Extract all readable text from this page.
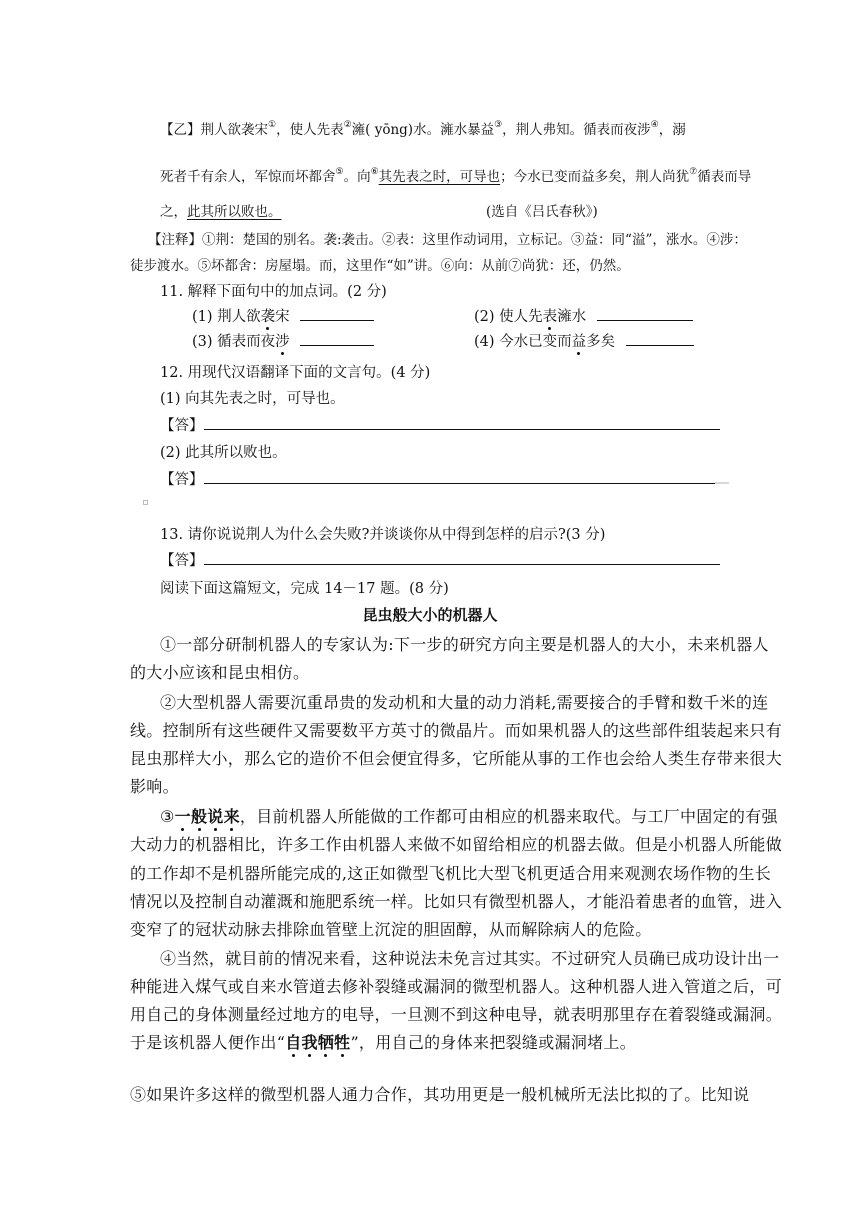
【乙】荆人欲袭宋①，使人先表②澭( yōng)水。澭水暴益③，荆人弗知。循表而夜涉④，溺
死者千有余人，军惊而坏都舍⑤。向⑥其先表之时，可导也；今水已变而益多矣，荆人尚犹⑦循表而导
之，此其所以败也。	(选自《吕氏春秋》)
【注释】①荆：楚国的别名。袭:袭击。②表：这里作动词用，立标记。③益：同“溢”，涨水。④涉：
徒步渡水。⑤坏都舍：房屋塌。而，这里作“如”讲。⑥向：从前⑦尚犹：还，仍然。
11. 解释下面句中的加点词。(2 分)
(1) 荆人欲袭宋	(2) 使人先表澭水
(3) 循表而夜涉	(4) 今水已变而益多矣
12. 用现代汉语翻译下面的文言句。(4 分)
(1) 向其先表之时，可导也。
【答】
(2) 此其所以败也。
【答】
13. 请你说说荆人为什么会失败?并谈谈你从中得到怎样的启示?(3 分)
【答】
阅读下面这篇短文，完成 14－17 题。(8 分)
昆虫般大小的机器人
①一部分研制机器人的专家认为:下一步的研究方向主要是机器人的大小，未来机器人
的大小应该和昆虫相仿。
②大型机器人需要沉重昂贵的发动机和大量的动力消耗,需要接合的手臂和数千米的连
线。控制所有这些硬件又需要数平方英寸的微晶片。而如果机器人的这些部件组装起来只有
昆虫那样大小，那么它的造价不但会便宜得多，它所能从事的工作也会给人类生存带来很大
影响。
③一般说来，目前机器人所能做的工作都可由相应的机器来取代。与工厂中固定的有强
大动力的机器相比，许多工作由机器人来做不如留给相应的机器去做。但是小机器人所能做
的工作却不是机器所能完成的,这正如微型飞机比大型飞机更适合用来观测农场作物的生长
情况以及控制自动灌溉和施肥系统一样。比如只有微型机器人，才能沿着患者的血管，进入
变窄了的冠状动脉去排除血管壁上沉淀的胆固醇，从而解除病人的危险。
④当然，就目前的情况来看，这种说法未免言过其实。不过研究人员确已成功设计出一
种能进入煤气或自来水管道去修补裂缝或漏洞的微型机器人。这种机器人进入管道之后，可
用自己的身体测量经过地方的电导，一旦测不到这种电导，就表明那里存在着裂缝或漏洞。
于是该机器人便作出“自我牺牲”，用自己的身体来把裂缝或漏洞堵上。
⑤如果许多这样的微型机器人通力合作，其功用更是一般机械所无法比拟的了。比知说
